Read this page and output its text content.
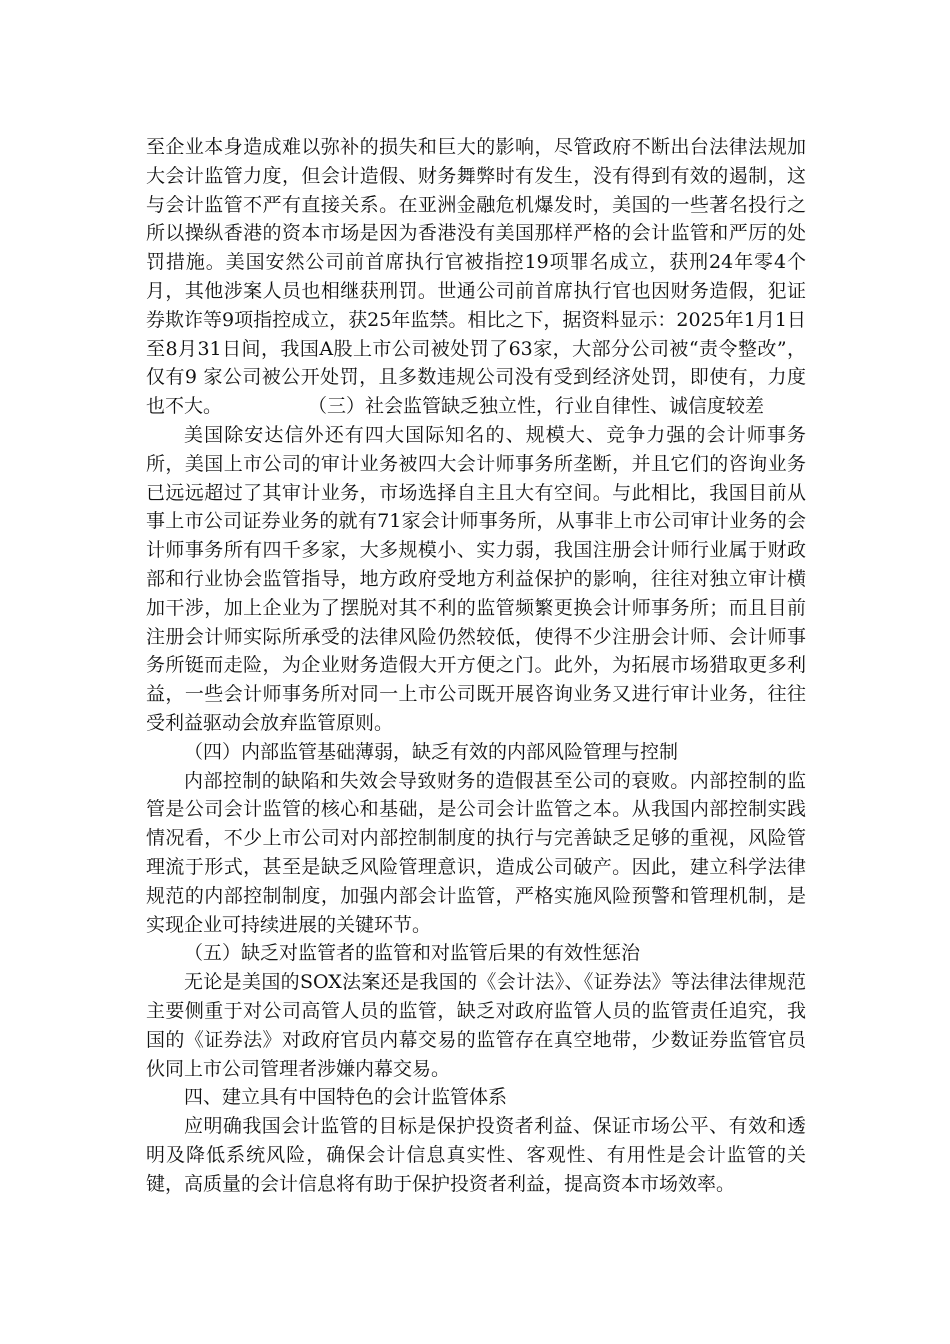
至企业本身造成难以弥补的损失和巨大的影响，尽管政府不断出台法律法规加大会计监管力度，但会计造假、财务舞弊时有发生，没有得到有效的遏制，这与会计监管不严有直接关系。在亚洲金融危机爆发时，美国的一些著名投行之所以操纵香港的资本市场是因为香港没有美国那样严格的会计监管和严厉的处罚措施。美国安然公司前首席执行官被指控19项罪名成立，获刑24年零4个月，其他涉案人员也相继获刑罚。世通公司前首席执行官也因财务造假，犯证券欺诈等9项指控成立，获25年监禁。相比之下，据资料显示：2025年1月1日至8月31日间，我国A股上市公司被处罚了63家，大部分公司被“责令整改”，仅有9 家公司被公开处罚，且多数违规公司没有受到经济处罚，即使有，力度也不大。	（三）社会监管缺乏独立性，行业自律性、诚信度较差

美国除安达信外还有四大国际知名的、规模大、竞争力强的会计师事务所，美国上市公司的审计业务被四大会计师事务所垄断，并且它们的咨询业务已远远超过了其审计业务，市场选择自主且大有空间。与此相比，我国目前从事上市公司证券业务的就有71家会计师事务所，从事非上市公司审计业务的会计师事务所有四千多家，大多规模小、实力弱，我国注册会计师行业属于财政部和行业协会监管指导，地方政府受地方利益保护的影响，往往对独立审计横加干涉，加上企业为了摆脱对其不利的监管频繁更换会计师事务所；而且目前注册会计师实际所承受的法律风险仍然较低，使得不少注册会计师、会计师事务所铤而走险，为企业财务造假大开方便之门。此外，为拓展市场猎取更多利益，一些会计师事务所对同一上市公司既开展咨询业务又进行审计业务，往往受利益驱动会放弃监管原则。

（四）内部监管基础薄弱，缺乏有效的内部风险管理与控制

内部控制的缺陷和失效会导致财务的造假甚至公司的衰败。内部控制的监管是公司会计监管的核心和基础，是公司会计监管之本。从我国内部控制实践情况看，不少上市公司对内部控制制度的执行与完善缺乏足够的重视，风险管理流于形式，甚至是缺乏风险管理意识，造成公司破产。因此，建立科学法律规范的内部控制制度，加强内部会计监管，严格实施风险预警和管理机制，是实现企业可持续进展的关键环节。

（五）缺乏对监管者的监管和对监管后果的有效性惩治

无论是美国的SOX法案还是我国的《会计法》、《证券法》等法律法律规范主要侧重于对公司高管人员的监管，缺乏对政府监管人员的监管责任追究，我国的《证券法》对政府官员内幕交易的监管存在真空地带，少数证券监管官员伙同上市公司管理者涉嫌内幕交易。

四、建立具有中国特色的会计监管体系

应明确我国会计监管的目标是保护投资者利益、保证市场公平、有效和透明及降低系统风险，确保会计信息真实性、客观性、有用性是会计监管的关键，高质量的会计信息将有助于保护投资者利益，提高资本市场效率。
